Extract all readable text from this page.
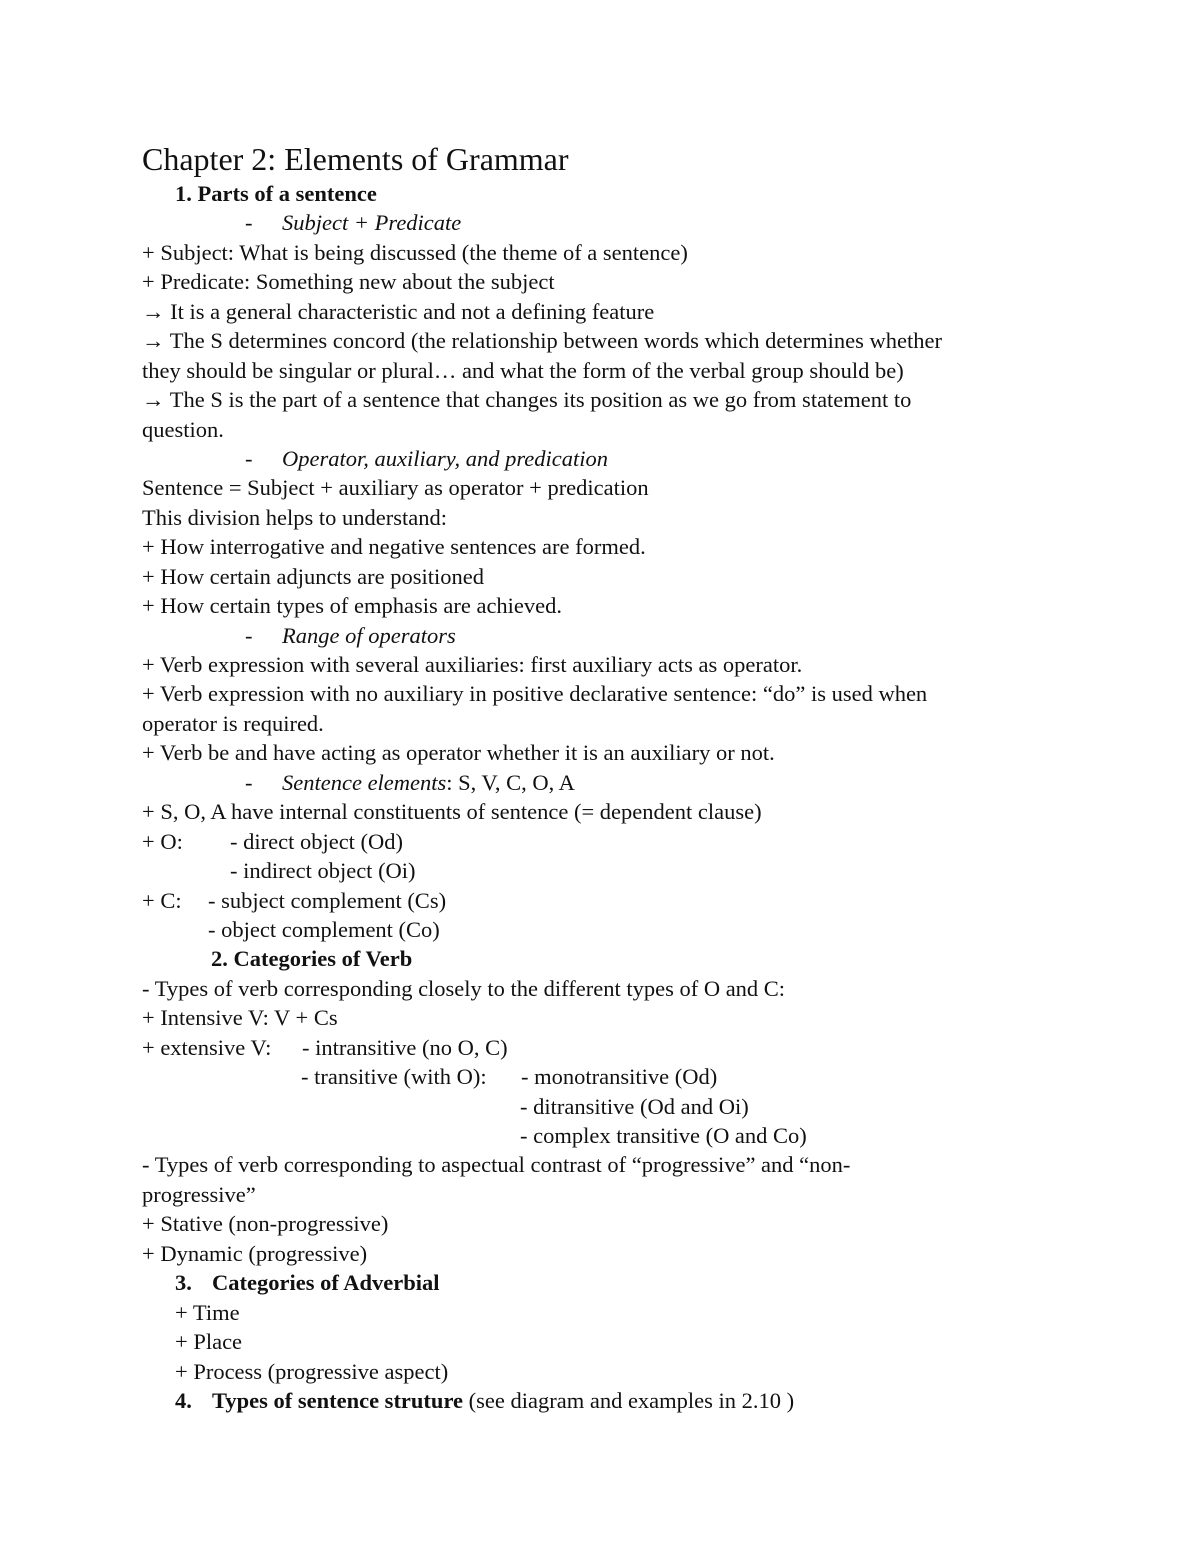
Chapter 2: Elements of Grammar
1. Parts of a sentence
- Subject + Predicate
+ Subject: What is being discussed (the theme of a sentence)
+ Predicate: Something new about the subject
→ It is a general characteristic and not a defining feature
→ The S determines concord (the relationship between words which determines whether
they should be singular or plural… and what the form of the verbal group should be)
→ The S is the part of a sentence that changes its position as we go from statement to
question.
- Operator, auxiliary, and predication
Sentence = Subject + auxiliary as operator + predication
This division helps to understand:
+ How interrogative and negative sentences are formed.
+ How certain adjuncts are positioned
+ How certain types of emphasis are achieved.
- Range of operators
+ Verb expression with several auxiliaries: first auxiliary acts as operator.
+ Verb expression with no auxiliary in positive declarative sentence: “do” is used when
operator is required.
+ Verb be and have acting as operator whether it is an auxiliary or not.
- Sentence elements: S, V, C, O, A
+ S, O, A have internal constituents of sentence (= dependent clause)
+ O: - direct object (Od)
- indirect object (Oi)
+ C: - subject complement (Cs)
- object complement (Co)
2. Categories of Verb
- Types of verb corresponding closely to the different types of O and C:
+ Intensive V: V + Cs
+ extensive V: - intransitive (no O, C)
- transitive (with O): - monotransitive (Od)
- ditransitive (Od and Oi)
- complex transitive (O and Co)
- Types of verb corresponding to aspectual contrast of “progressive” and “non-
progressive”
+ Stative (non-progressive)
+ Dynamic (progressive)
3. Categories of Adverbial
+ Time
+ Place
+ Process (progressive aspect)
4. Types of sentence struture (see diagram and examples in 2.10 )
